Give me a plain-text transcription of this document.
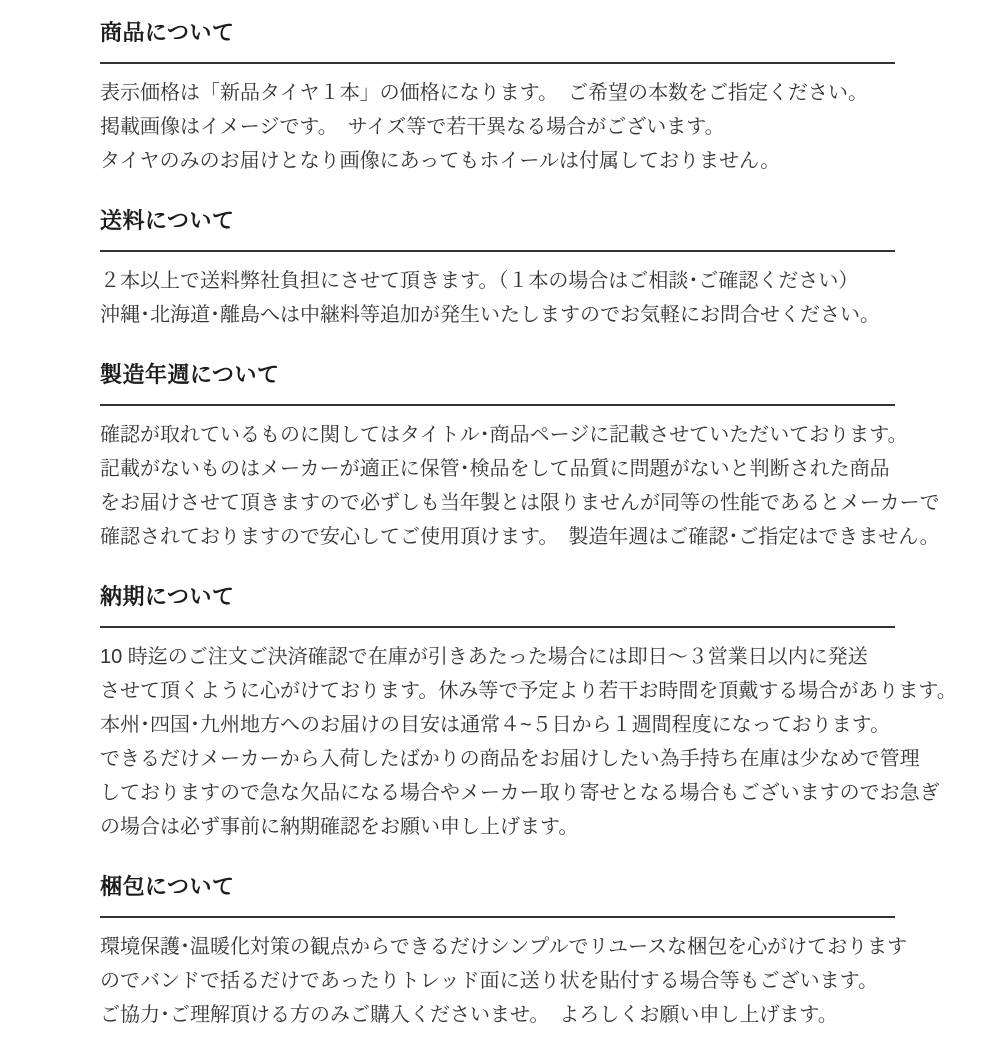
商品について
表示価格は「新品タイヤ１本」の価格になります。　ご希望の本数をご指定ください。
掲載画像はイメージです。　サイズ等で若干異なる場合がございます。
タイヤのみのお届けとなり画像にあってもホイールは付属しておりません。
送料について
２本以上で送料弊社負担にさせて頂きます。（１本の場合はご相談･ご確認ください）
沖縄･北海道･離島へは中継料等追加が発生いたしますのでお気軽にお問合せください。
製造年週について
確認が取れているものに関してはタイトル･商品ページに記載させていただいております。
記載がないものはメーカーが適正に保管･検品をして品質に問題がないと判断された商品
をお届けさせて頂きますので必ずしも当年製とは限りませんが同等の性能であるとメーカーで
確認されておりますので安心してご使用頂けます。　製造年週はご確認･ご指定はできません。
納期について
10 時迄のご注文ご決済確認で在庫が引きあたった場合には即日～３営業日以内に発送
させて頂くように心がけております。休み等で予定より若干お時間を頂戴する場合があります。
本州･四国･九州地方へのお届けの目安は通常４~５日から１週間程度になっております。
できるだけメーカーから入荷したばかりの商品をお届けしたい為手持ち在庫は少なめで管理
しておりますので急な欠品になる場合やメーカー取り寄せとなる場合もございますのでお急ぎ
の場合は必ず事前に納期確認をお願い申し上げます。
梱包について
環境保護･温暖化対策の観点からできるだけシンプルでリユースな梱包を心がけております
のでバンドで括るだけであったりトレッド面に送り状を貼付する場合等もございます。
ご協力･ご理解頂ける方のみご購入くださいませ。　よろしくお願い申し上げます。
